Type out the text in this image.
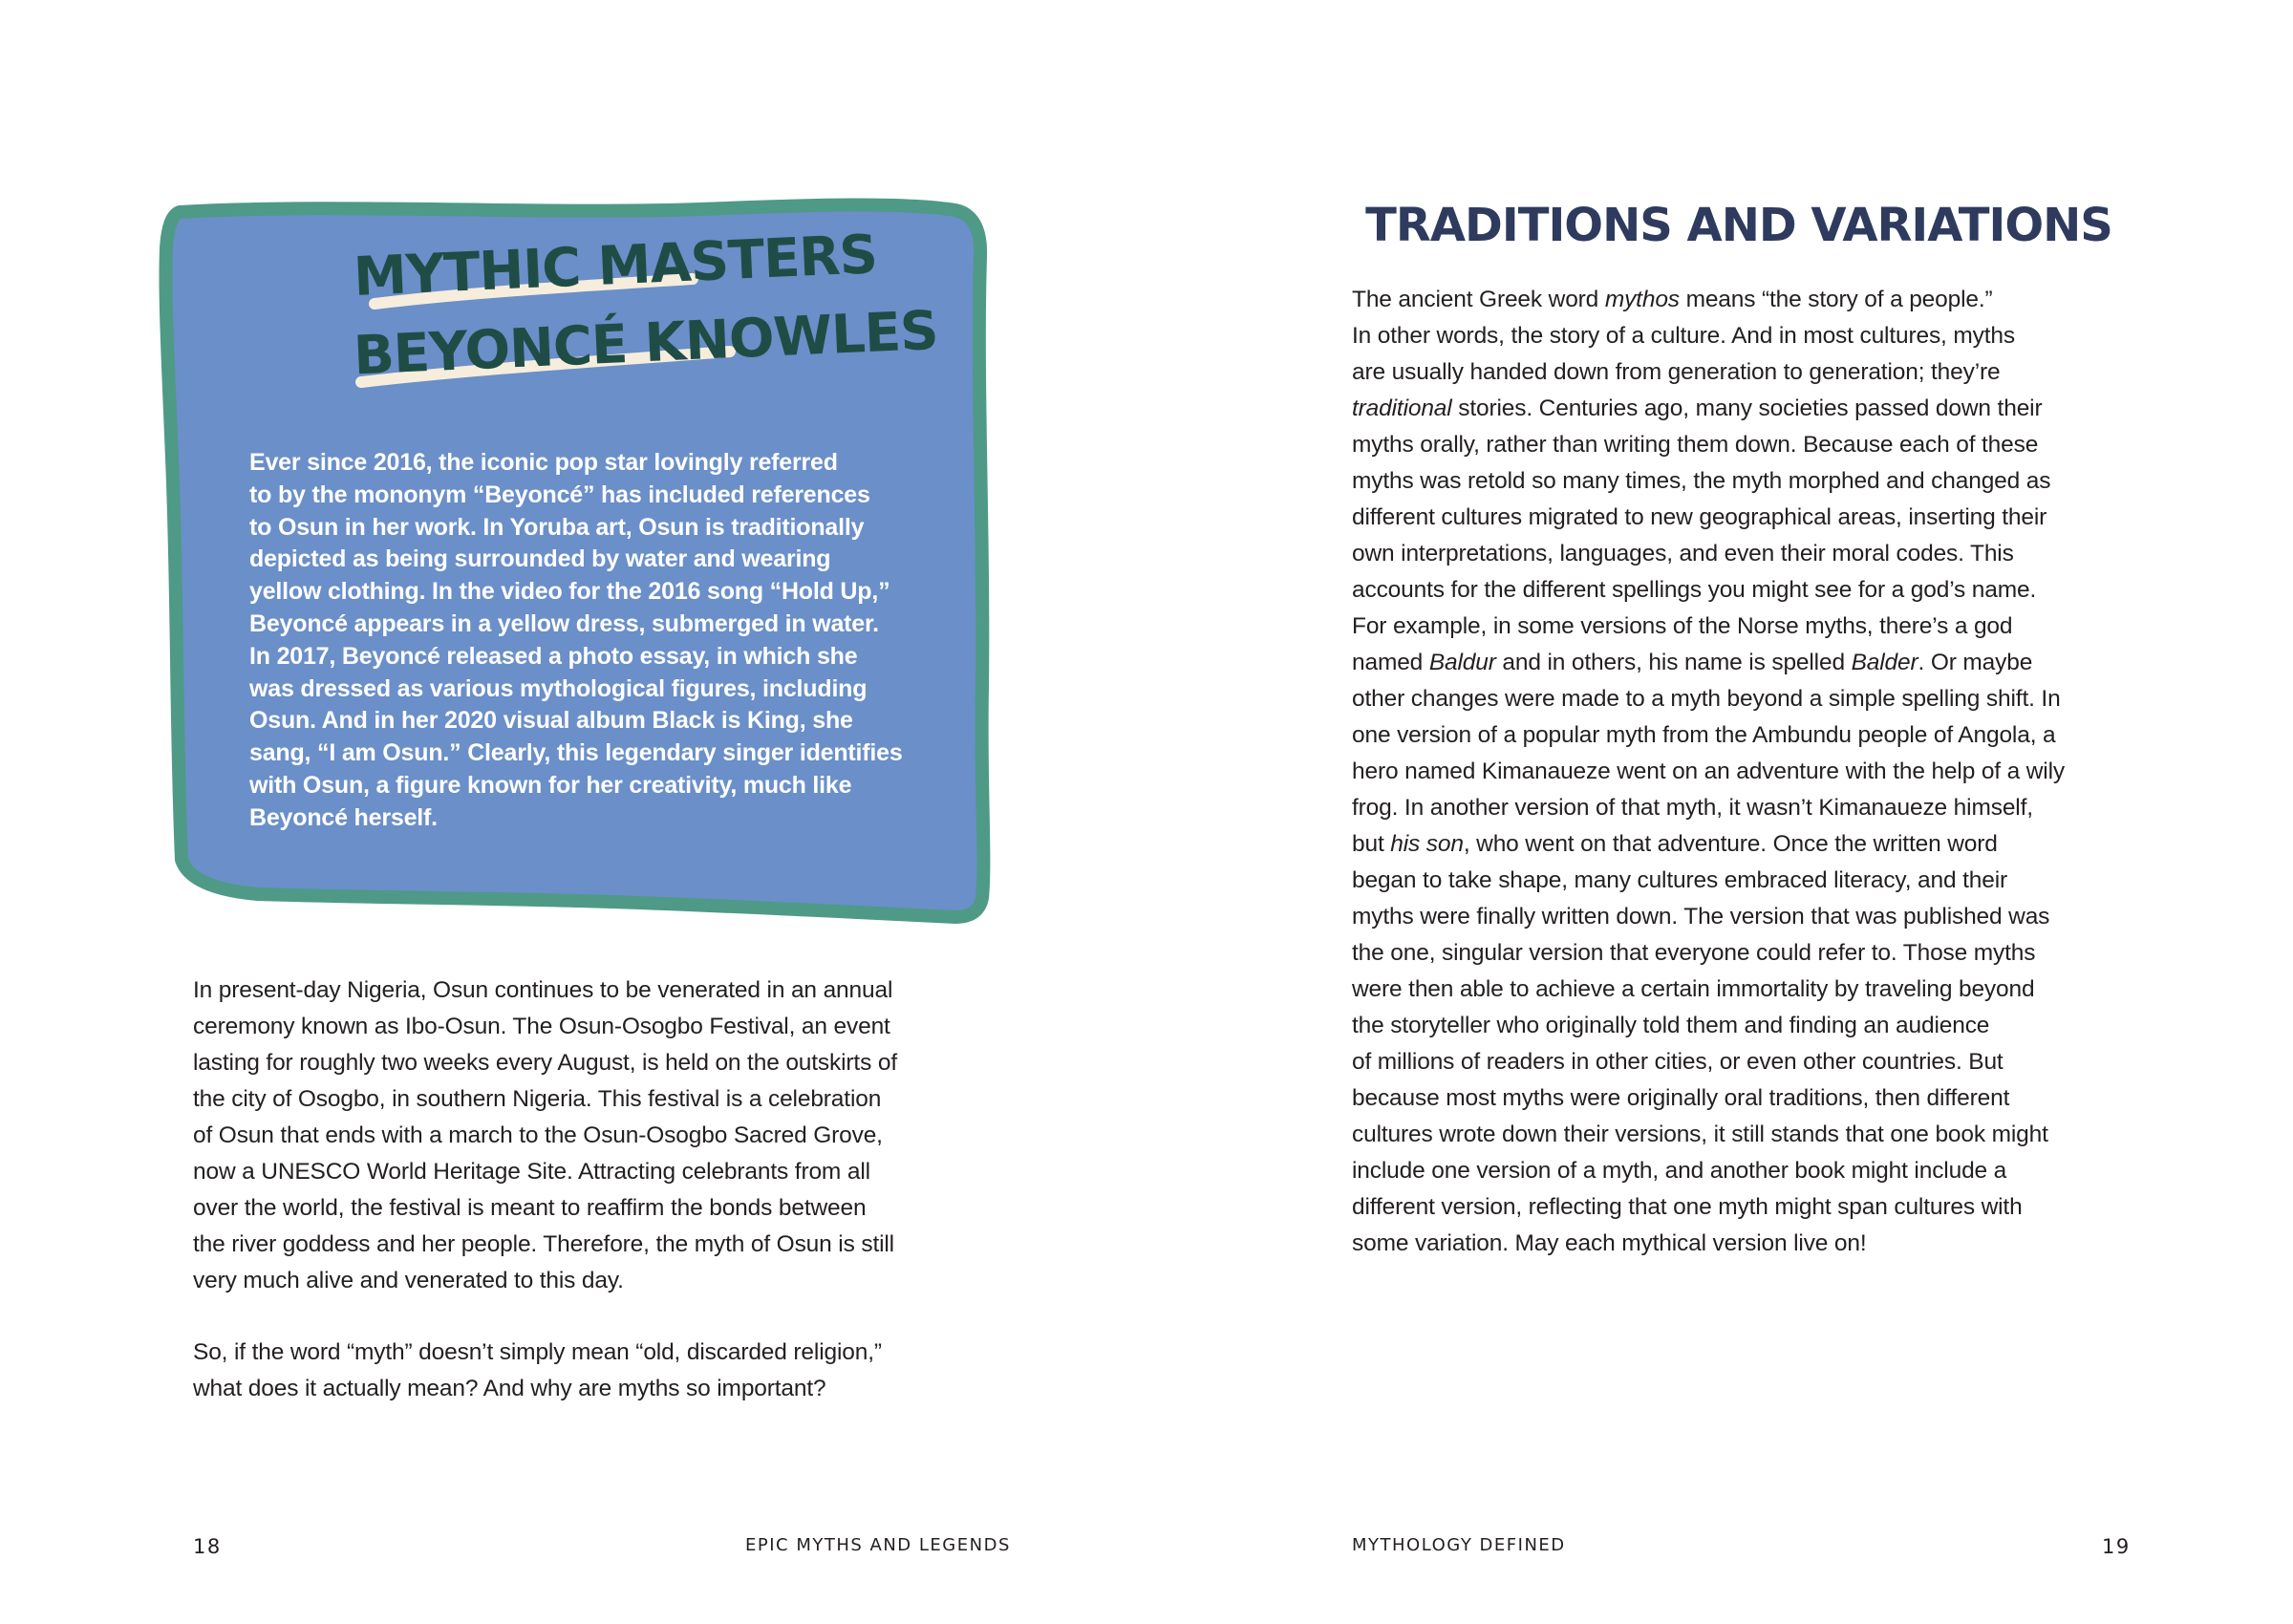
MYTHIC MASTERS
BEYONCÉ KNOWLES
Ever since 2016, the iconic pop star lovingly referred
to by the mononym “Beyoncé” has included references
to Osun in her work. In Yoruba art, Osun is traditionally
depicted as being surrounded by water and wearing
yellow clothing. In the video for the 2016 song “Hold Up,”
Beyoncé appears in a yellow dress, submerged in water.
In 2017, Beyoncé released a photo essay, in which she
was dressed as various mythological figures, including
Osun. And in her 2020 visual album Black is King, she
sang, “I am Osun.” Clearly, this legendary singer identifies
with Osun, a figure known for her creativity, much like
Beyoncé herself.
In present-day Nigeria, Osun continues to be venerated in an annual
ceremony known as Ibo-Osun. The Osun-Osogbo Festival, an event
lasting for roughly two weeks every August, is held on the outskirts of
the city of Osogbo, in southern Nigeria. This festival is a celebration
of Osun that ends with a march to the Osun-Osogbo Sacred Grove,
now a UNESCO World Heritage Site. Attracting celebrants from all
over the world, the festival is meant to reaffirm the bonds between
the river goddess and her people. Therefore, the myth of Osun is still
very much alive and venerated to this day.
So, if the word “myth” doesn’t simply mean “old, discarded religion,”
what does it actually mean? And why are myths so important?
18	EPIC MYTHS AND LEGENDS
TRADITIONS AND VARIATIONS
The ancient Greek word mythos means “the story of a people.”
In other words, the story of a culture. And in most cultures, myths
are usually handed down from generation to generation; they’re
traditional stories. Centuries ago, many societies passed down their
myths orally, rather than writing them down. Because each of these
myths was retold so many times, the myth morphed and changed as
different cultures migrated to new geographical areas, inserting their
own interpretations, languages, and even their moral codes. This
accounts for the different spellings you might see for a god’s name.
For example, in some versions of the Norse myths, there’s a god
named Baldur and in others, his name is spelled Balder. Or maybe
other changes were made to a myth beyond a simple spelling shift. In
one version of a popular myth from the Ambundu people of Angola, a
hero named Kimanaueze went on an adventure with the help of a wily
frog. In another version of that myth, it wasn’t Kimanaueze himself,
but his son, who went on that adventure. Once the written word
began to take shape, many cultures embraced literacy, and their
myths were finally written down. The version that was published was
the one, singular version that everyone could refer to. Those myths
were then able to achieve a certain immortality by traveling beyond
the storyteller who originally told them and finding an audience
of millions of readers in other cities, or even other countries. But
because most myths were originally oral traditions, then different
cultures wrote down their versions, it still stands that one book might
include one version of a myth, and another book might include a
different version, reflecting that one myth might span cultures with
some variation. May each mythical version live on!
MYTHOLOGY DEFINED	19
